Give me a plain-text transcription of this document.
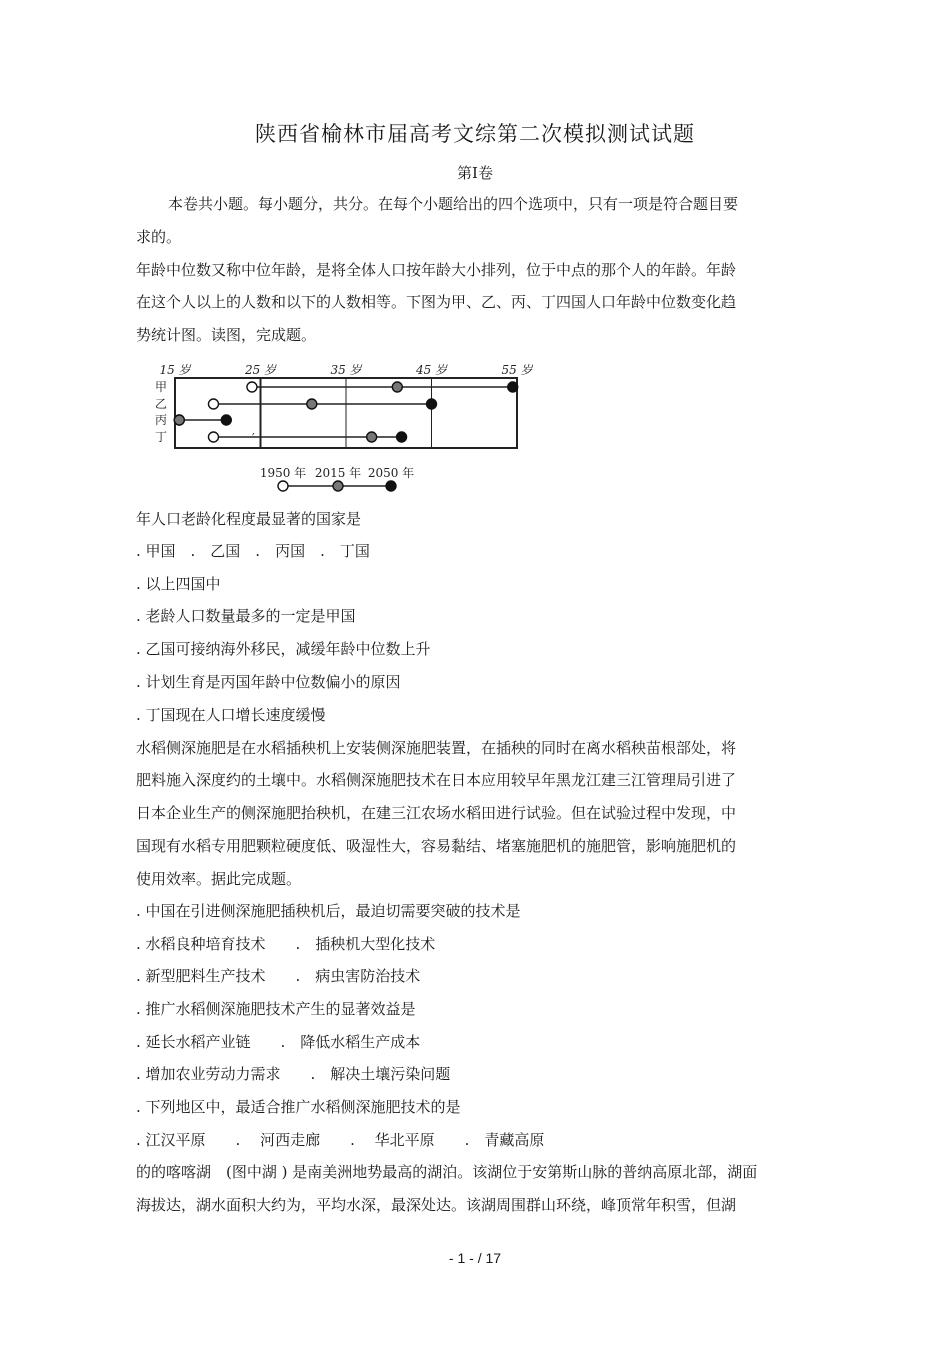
陕西省榆林市届高考文综第二次模拟测试试题
第Ⅰ卷
本卷共小题。每小题分，共分。在每个小题给出的四个选项中，只有一项是符合题目要
求的。
年龄中位数又称中位年龄，是将全体人口按年龄大小排列，位于中点的那个人的年龄。年龄
在这个人以上的人数和以下的人数相等。下图为甲、乙、丙、丁四国人口年龄中位数变化趋
势统计图。读图，完成题。
15 岁	25 岁	35 岁	45 岁	55 岁
甲
乙
丙
丁	′
1950 年 2015 年 2050 年
年人口老龄化程度最显著的国家是
. 甲国　.　乙国　.　丙国　.　丁国
. 以上四国中
. 老龄人口数量最多的一定是甲国
. 乙国可接纳海外移民，减缓年龄中位数上升
. 计划生育是丙国年龄中位数偏小的原因
. 丁国现在人口增长速度缓慢
水稻侧深施肥是在水稻插秧机上安装侧深施肥装置，在插秧的同时在离水稻秧苗根部处，将
肥料施入深度约的土壤中。水稻侧深施肥技术在日本应用较早年黑龙江建三江管理局引进了
日本企业生产的侧深施肥抬秧机，在建三江农场水稻田进行试验。但在试验过程中发现，中
国现有水稻专用肥颗粒硬度低、吸湿性大，容易黏结、堵塞施肥机的施肥管，影响施肥机的
使用效率。据此完成题。
. 中国在引进侧深施肥插秧机后，最迫切需要突破的技术是
. 水稻良种培育技术　　.　插秧机大型化技术
. 新型肥料生产技术　　.　病虫害防治技术
. 推广水稻侧深施肥技术产生的显著效益是
. 延长水稻产业链　　.　降低水稻生产成本
. 增加农业劳动力需求　　.　解决土壤污染问题
. 下列地区中，最适合推广水稻侧深施肥技术的是
. 江汉平原　　.　 河西走廊　　.　 华北平原　　.　青藏高原
的的喀喀湖　(图中湖 ) 是南美洲地势最高的湖泊。该湖位于安第斯山脉的普纳高原北部，湖面
海拔达，湖水面积大约为，平均水深，最深处达。该湖周围群山环绕，峰顶常年积雪，但湖
- 1 - / 17
